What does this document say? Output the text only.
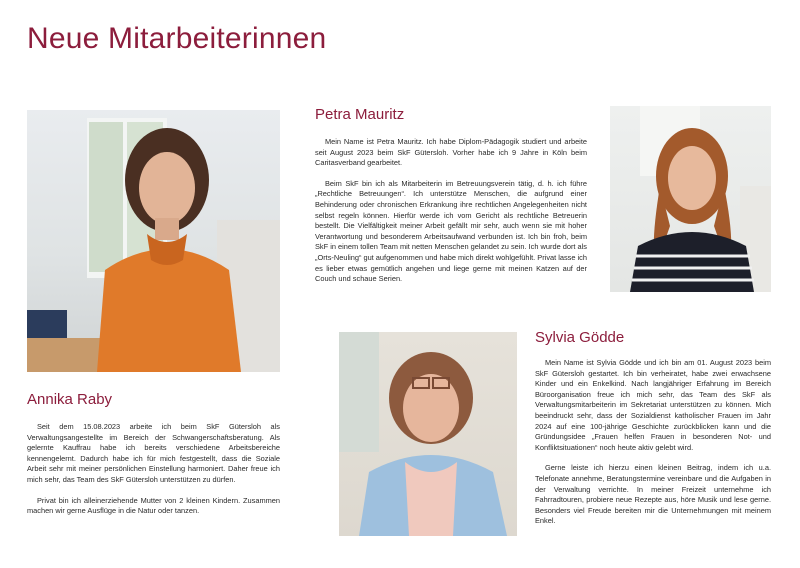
Neue Mitarbeiterinnen
Annika Raby

Seit dem 15.08.2023 arbeite ich beim SkF Gütersloh als Verwaltungsangestellte im Bereich der Schwangerschaftsberatung. Als gelernte Kauffrau habe ich bereits verschiedene Arbeitsbereiche kennengelernt. Dadurch habe ich für mich festgestellt, dass die Soziale Arbeit sehr mit meiner persönlichen Einstellung harmoniert. Daher freue ich mich sehr, das Team des SkF Gütersloh unterstützen zu dürfen.

Privat bin ich alleinerziehende Mutter von 2 kleinen Kindern. Zusammen machen wir gerne Ausflüge in die Natur oder tanzen.

Petra Mauritz

Mein Name ist Petra Mauritz. Ich habe Diplom-Pädagogik studiert und arbeite seit August 2023 beim SkF Gütersloh. Vorher habe ich 9 Jahre in Köln beim Caritasverband gearbeitet.

Beim SkF bin ich als Mitarbeiterin im Betreuungsverein tätig, d. h. ich führe „Rechtliche Betreuungen“. Ich unterstütze Menschen, die aufgrund einer Behinderung oder chronischen Erkrankung ihre rechtlichen Angelegenheiten nicht selbst regeln können. Hierfür werde ich vom Gericht als rechtliche Betreuerin bestellt. Die Vielfältigkeit meiner Arbeit gefällt mir sehr, auch wenn sie mit hoher Verantwortung und besonderem Arbeitsaufwand verbunden ist. Ich bin froh, beim SkF in einem tollen Team mit netten Menschen gelandet zu sein. Ich wurde dort als „Orts-Neuling“ gut aufgenommen und habe mich direkt wohlgefühlt. Privat lasse ich es lieber etwas gemütlich angehen und liege gerne mit meinen Katzen auf der Couch und schaue Serien.

Sylvia Gödde

Mein Name ist Sylvia Gödde und ich bin am 01. August 2023 beim SkF Gütersloh gestartet. Ich bin verheiratet, habe zwei erwachsene Kinder und ein Enkelkind. Nach langjähriger Erfahrung im Bereich Büroorganisation freue ich mich sehr, das Team des SkF als Verwaltungsmitarbeiterin im Sekretariat unterstützen zu können. Mich beeindruckt sehr, dass der Sozialdienst katholischer Frauen im Jahr 2024 auf eine 100-jährige Geschichte zurückblicken kann und die Gründungsidee „Frauen helfen Frauen in besonderen Not- und Konfliktsituationen“ noch heute aktiv gelebt wird.

Gerne leiste ich hierzu einen kleinen Beitrag, indem ich u.a. Telefonate annehme, Beratungstermine vereinbare und die Aufgaben in der Verwaltung verrichte. In meiner Freizeit unternehme ich Fahrradtouren, probiere neue Rezepte aus, höre Musik und lese gerne. Besonders viel Freude bereiten mir die Unternehmungen mit meinem Enkel.
